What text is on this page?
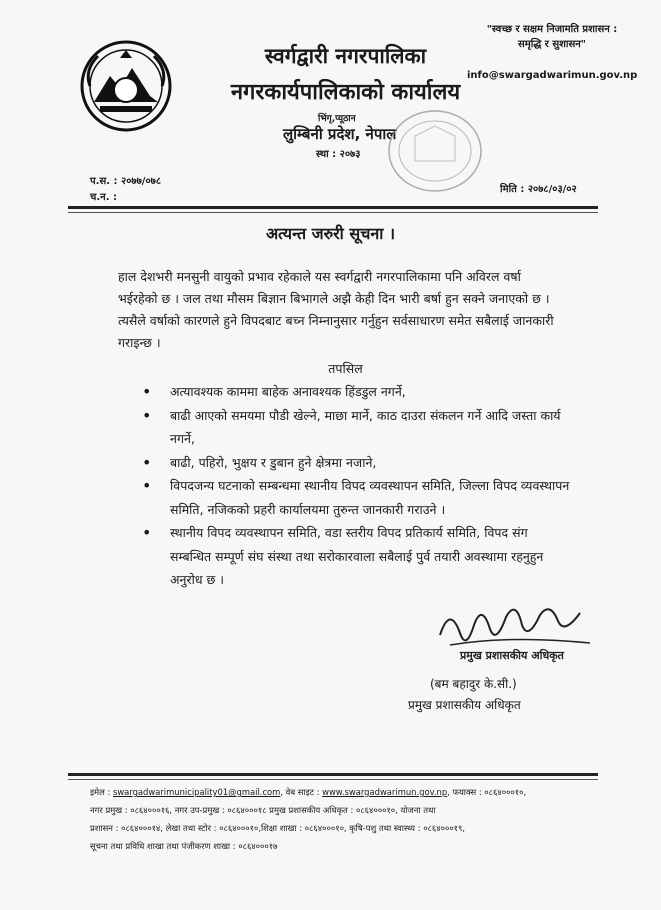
"स्वच्छ र सक्षम निजामति प्रशासन :
समृद्धि र सुशासन"
info@swargadwarimun.gov.np
स्वर्गद्वारी नगरपालिका
नगरकार्यपालिकाको कार्यालय
भिंगृ,प्यूठान
लुम्बिनी प्रदेश, नेपाल
स्था : २०७३
प.स. : २०७७/०७८
च.न. :
मिति : २०७८/०३/०२
अत्यन्त जरुरी सूचना ।
हाल देशभरी मनसुनी वायुको प्रभाव रहेकाले यस स्वर्गद्वारी नगरपालिकामा पनि अविरल वर्षा भईरहेको छ । जल तथा मौसम बिज्ञान बिभागले अझै केही दिन भारी बर्षा हुन सक्ने जनाएको छ । त्यसैले वर्षाको कारणले हुने विपदबाट बच्न निम्नानुसार गर्नुहुन सर्वसाधारण समेत सबैलाई जानकारी गराइन्छ ।
तपसिल
• अत्यावश्यक काममा बाहेक अनावश्यक हिंडडुल नगर्ने,
• बाढी आएको समयमा पौडी खेल्ने, माछा मार्ने, काठ दाउरा संकलन गर्ने आदि जस्ता कार्य नगर्ने,
• बाढी, पहिरो, भुक्षय र डुबान हुने क्षेत्रमा नजाने,
• विपदजन्य घटनाको सम्बन्धमा स्थानीय विपद व्यवस्थापन समिति, जिल्ला विपद व्यवस्थापन समिति, नजिकको प्रहरी कार्यालयमा तुरुन्त जानकारी गराउने ।
• स्थानीय विपद व्यवस्थापन समिति, वडा स्तरीय विपद प्रतिकार्य समिति, विपद संग सम्बन्धित सम्पूर्ण संघ संस्था तथा सरोकारवाला सबैलाई पुर्व तयारी अवस्थामा रहनुहुन अनुरोध छ ।
प्रमुख प्रशासकीय अधिकृत
(बम बहादुर के.सी.)
प्रमुख प्रशासकीय अधिकृत
इमेल : swargadwarimunicipality01@gmail.com, वेब साइट : www.swargadwarimun.gov.np, फयाक्स : ०८६४०००१०,
नगर प्रमुख : ०८६४०००१६, नगर उप-प्रमुख : ०८६४०००१८ प्रमुख प्रशासकीय अधिकृत : ०८६४०००१०, योजना तथा
प्रशासन : ०८६४०००१४, लेखा तथा स्टोर : ०८६४०००१०,शिक्षा शाखा : ०८६४०००१०, कृषि-पशु तथा स्वास्थ्य : ०८६४०००१९,
सूचना तथा प्रविधि शाखा तथा पंजीकरण शाखा : ०८६४०००१७
